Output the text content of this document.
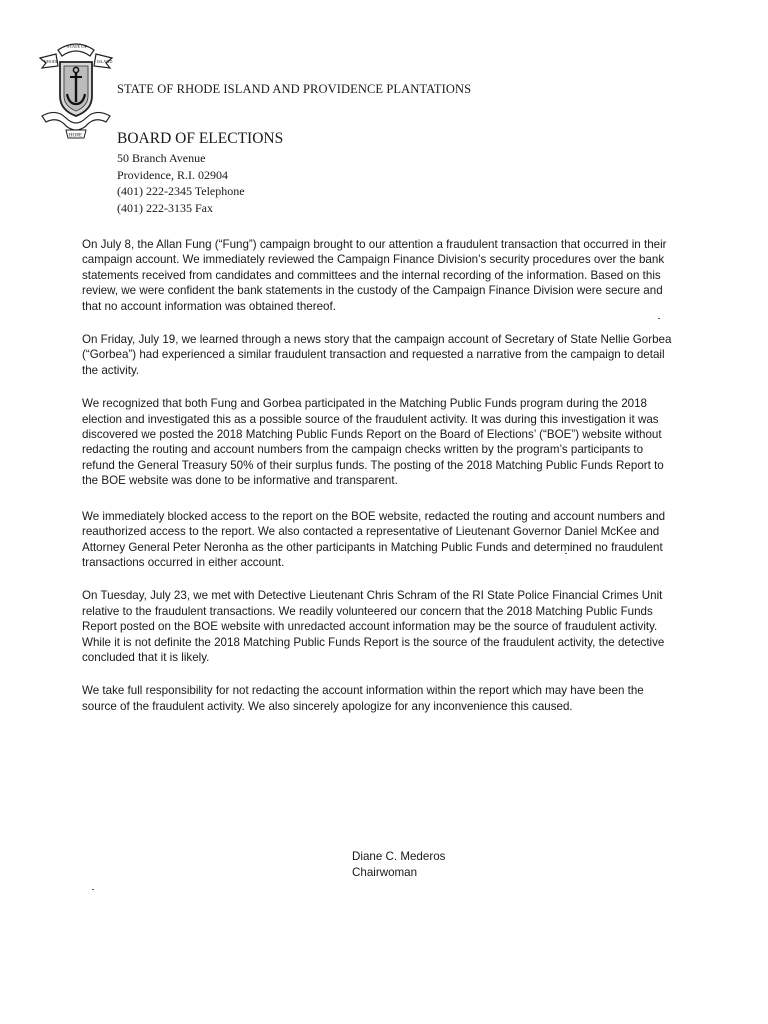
STATE OF
RHODE	ISLAND
HOPE
STATE OF RHODE ISLAND AND PROVIDENCE PLANTATIONS
BOARD OF ELECTIONS
50 Branch Avenue
Providence, R.I. 02904
(401) 222-2345 Telephone
(401) 222-3135 Fax

On July 8, the Allan Fung (“Fung”) campaign brought to our attention a fraudulent transaction that occurred in their campaign account. We immediately reviewed the Campaign Finance Division’s security procedures over the bank statements received from candidates and committees and the internal recording of the information. Based on this review, we were confident the bank statements in the custody of the Campaign Finance Division were secure and that no account information was obtained thereof.

On Friday, July 19, we learned through a news story that the campaign account of Secretary of State Nellie Gorbea (“Gorbea”) had experienced a similar fraudulent transaction and requested a narrative from the campaign to detail the activity.

We recognized that both Fung and Gorbea participated in the Matching Public Funds program during the 2018 election and investigated this as a possible source of the fraudulent activity. It was during this investigation it was discovered we posted the 2018 Matching Public Funds Report on the Board of Elections’ (“BOE”) website without redacting the routing and account numbers from the campaign checks written by the program’s participants to refund the General Treasury 50% of their surplus funds. The posting of the 2018 Matching Public Funds Report to the BOE website was done to be informative and transparent.

We immediately blocked access to the report on the BOE website, redacted the routing and account numbers and reauthorized access to the report. We also contacted a representative of Lieutenant Governor Daniel McKee and Attorney General Peter Neronha as the other participants in Matching Public Funds and determined no fraudulent transactions occurred in either account.

On Tuesday, July 23, we met with Detective Lieutenant Chris Schram of the RI State Police Financial Crimes Unit relative to the fraudulent transactions. We readily volunteered our concern that the 2018 Matching Public Funds Report posted on the BOE website with unredacted account information may be the source of fraudulent activity. While it is not definite the 2018 Matching Public Funds Report is the source of the fraudulent activity, the detective concluded that it is likely.

We take full responsibility for not redacting the account information within the report which may have been the source of the fraudulent activity. We also sincerely apologize for any inconvenience this caused.

Diane C. Mederos
Chairwoman
